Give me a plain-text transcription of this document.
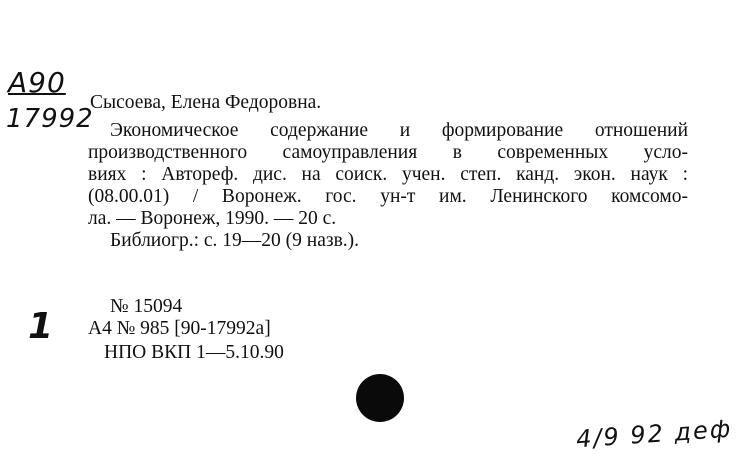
А90
17992
Сысоева, Елена Федоровна.
Экономическое содержание и формирование отношений
производственного самоуправления в современных усло-
виях : Автореф. дис. на соиск. учен. степ. канд. экон. наук :
(08.00.01) / Воронеж. гос. ун-т им. Ленинского комсомо-
ла. — Воронеж, 1990. — 20 с.
Библиогр.: с. 19—20 (9 назв.).
1	№ 15094
А4 № 985 [90-17992а]
НПО ВКП 1—5.10.90
4/9 92 деф
